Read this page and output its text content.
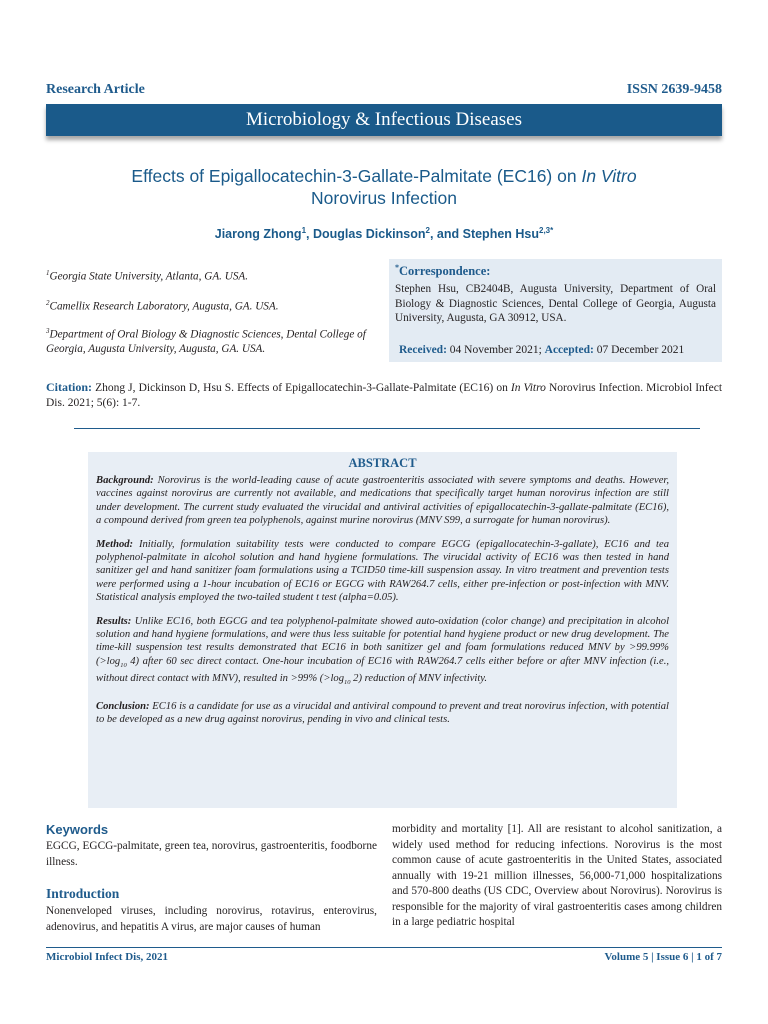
Research Article	ISSN 2639-9458
Microbiology & Infectious Diseases
Effects of Epigallocatechin-3-Gallate-Palmitate (EC16) on In Vitro
Norovirus Infection
Jiarong Zhong$^1$, Douglas Dickinson$^2$, and Stephen Hsu$^{2,3*}$
$^1$Georgia State University, Atlanta, GA. USA.
$^2$Camellix Research Laboratory, Augusta, GA. USA.
$^3$Department of Oral Biology & Diagnostic Sciences, Dental College of Georgia, Augusta University, Augusta, GA. USA.
*Correspondence:
Stephen Hsu, CB2404B, Augusta University, Department of Oral Biology & Diagnostic Sciences, Dental College of Georgia, Augusta University, Augusta, GA 30912, USA.
Received: 04 November 2021; Accepted: 07 December 2021
Citation: Zhong J, Dickinson D, Hsu S. Effects of Epigallocatechin-3-Gallate-Palmitate (EC16) on In Vitro Norovirus Infection. Microbiol Infect Dis. 2021; 5(6): 1-7.
ABSTRACT

Background: Norovirus is the world-leading cause of acute gastroenteritis associated with severe symptoms and deaths. However, vaccines against norovirus are currently not available, and medications that specifically target human norovirus infection are still under development. The current study evaluated the virucidal and antiviral activities of epigallocatechin-3-gallate-palmitate (EC16), a compound derived from green tea polyphenols, against murine norovirus (MNV S99, a surrogate for human norovirus).

Method: Initially, formulation suitability tests were conducted to compare EGCG (epigallocatechin-3-gallate), EC16 and tea polyphenol-palmitate in alcohol solution and hand hygiene formulations. The virucidal activity of EC16 was then tested in hand sanitizer gel and hand sanitizer foam formulations using a TCID50 time-kill suspension assay. In vitro treatment and prevention tests were performed using a 1-hour incubation of EC16 or EGCG with RAW264.7 cells, either pre-infection or post-infection with MNV. Statistical analysis employed the two-tailed student t test (alpha=0.05).

Results: Unlike EC16, both EGCG and tea polyphenol-palmitate showed auto-oxidation (color change) and precipitation in alcohol solution and hand hygiene formulations, and were thus less suitable for potential hand hygiene product or new drug development. The time-kill suspension test results demonstrated that EC16 in both sanitizer gel and foam formulations reduced MNV by >99.99% ($>\log_{10}$ 4) after 60 sec direct contact. One-hour incubation of EC16 with RAW264.7 cells either before or after MNV infection (i.e., without direct contact with MNV), resulted in >99% ($>\log_{10}$ 2) reduction of MNV infectivity.

Conclusion: EC16 is a candidate for use as a virucidal and antiviral compound to prevent and treat norovirus infection, with potential to be developed as a new drug against norovirus, pending in vivo and clinical tests.

Keywords

EGCG, EGCG-palmitate, green tea, norovirus, gastroenteritis, foodborne illness.

Introduction

Nonenveloped viruses, including norovirus, rotavirus, enterovirus, adenovirus, and hepatitis A virus, are major causes of human

morbidity and mortality [1]. All are resistant to alcohol sanitization, a widely used method for reducing infections. Norovirus is the most common cause of acute gastroenteritis in the United States, associated annually with 19-21 million illnesses, 56,000-71,000 hospitalizations and 570-800 deaths (US CDC, Overview about Norovirus). Norovirus is responsible for the majority of viral gastroenteritis cases among children in a large pediatric hospital

Microbiol Infect Dis, 2021	Volume 5 | Issue 6 | 1 of 7
